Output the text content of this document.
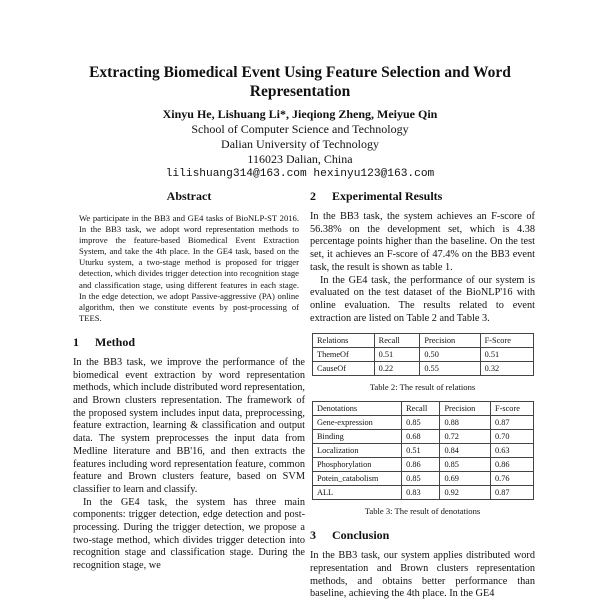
Extracting Biomedical Event Using Feature Selection and Word Representation
Xinyu He, Lishuang Li*, Jieqiong Zheng, Meiyue Qin
School of Computer Science and Technology
Dalian University of Technology
116023 Dalian, China
lilishuang314@163.com hexinyu123@163.com
Abstract

We participate in the BB3 and GE4 tasks of BioNLP-ST 2016. In the BB3 task, we adopt word representation methods to improve the feature-based Biomedical Event Extraction System, and take the 4th place. In the GE4 task, based on the Uturku system, a two-stage method is proposed for trigger detection, which divides trigger detection into recognition stage and classification stage, using different features in each stage. In the edge detection, we adopt Passive-aggressive (PA) online algorithm, then we constitute events by post-processing of TEES.

1 Method

In the BB3 task, we improve the performance of the biomedical event extraction by word representation methods, which include distributed word representation, and Brown clusters representation. The framework of the proposed system includes input data, preprocessing, feature extraction, learning & classification and output data. The system preprocesses the input data from Medline literature and BB'16, and then extracts the features including word representation feature, common feature and Brown clusters feature, based on SVM classifier to learn and classify.

In the GE4 task, the system has three main components: trigger detection, edge detection and post-processing. During the trigger detection, we propose a two-stage method, which divides trigger detection into recognition stage and classification stage. During the recognition stage, we

2 Experimental Results

In the BB3 task, the system achieves an F-score of 56.38% on the development set, which is 4.38 percentage points higher than the baseline. On the test set, it achieves an F-score of 47.4% on the BB3 event task, the result is shown as table 1.

In the GE4 task, the performance of our system is evaluated on the test dataset of the BioNLP'16 with online evaluation. The results related to event extraction are listed on Table 2 and Table 3.

Relations	Recall	Precision	F-Score
ThemeOf	0.51	0.50	0.51
CauseOf	0.22	0.55	0.32
Table 2: The result of relations
Denotations	Recall	Precision	F-score
Gene-expression	0.85	0.88	0.87
Binding	0.68	0.72	0.70
Localization	0.51	0.84	0.63
Phosphorylation	0.86	0.85	0.86
Potein_catabolism	0.85	0.69	0.76
ALL	0.83	0.92	0.87
Table 3: The result of denotations
3 Conclusion

In the BB3 task, our system applies distributed word representation and Brown clusters representation methods, and obtains better performance than baseline, achieving the 4th place. In the GE4
